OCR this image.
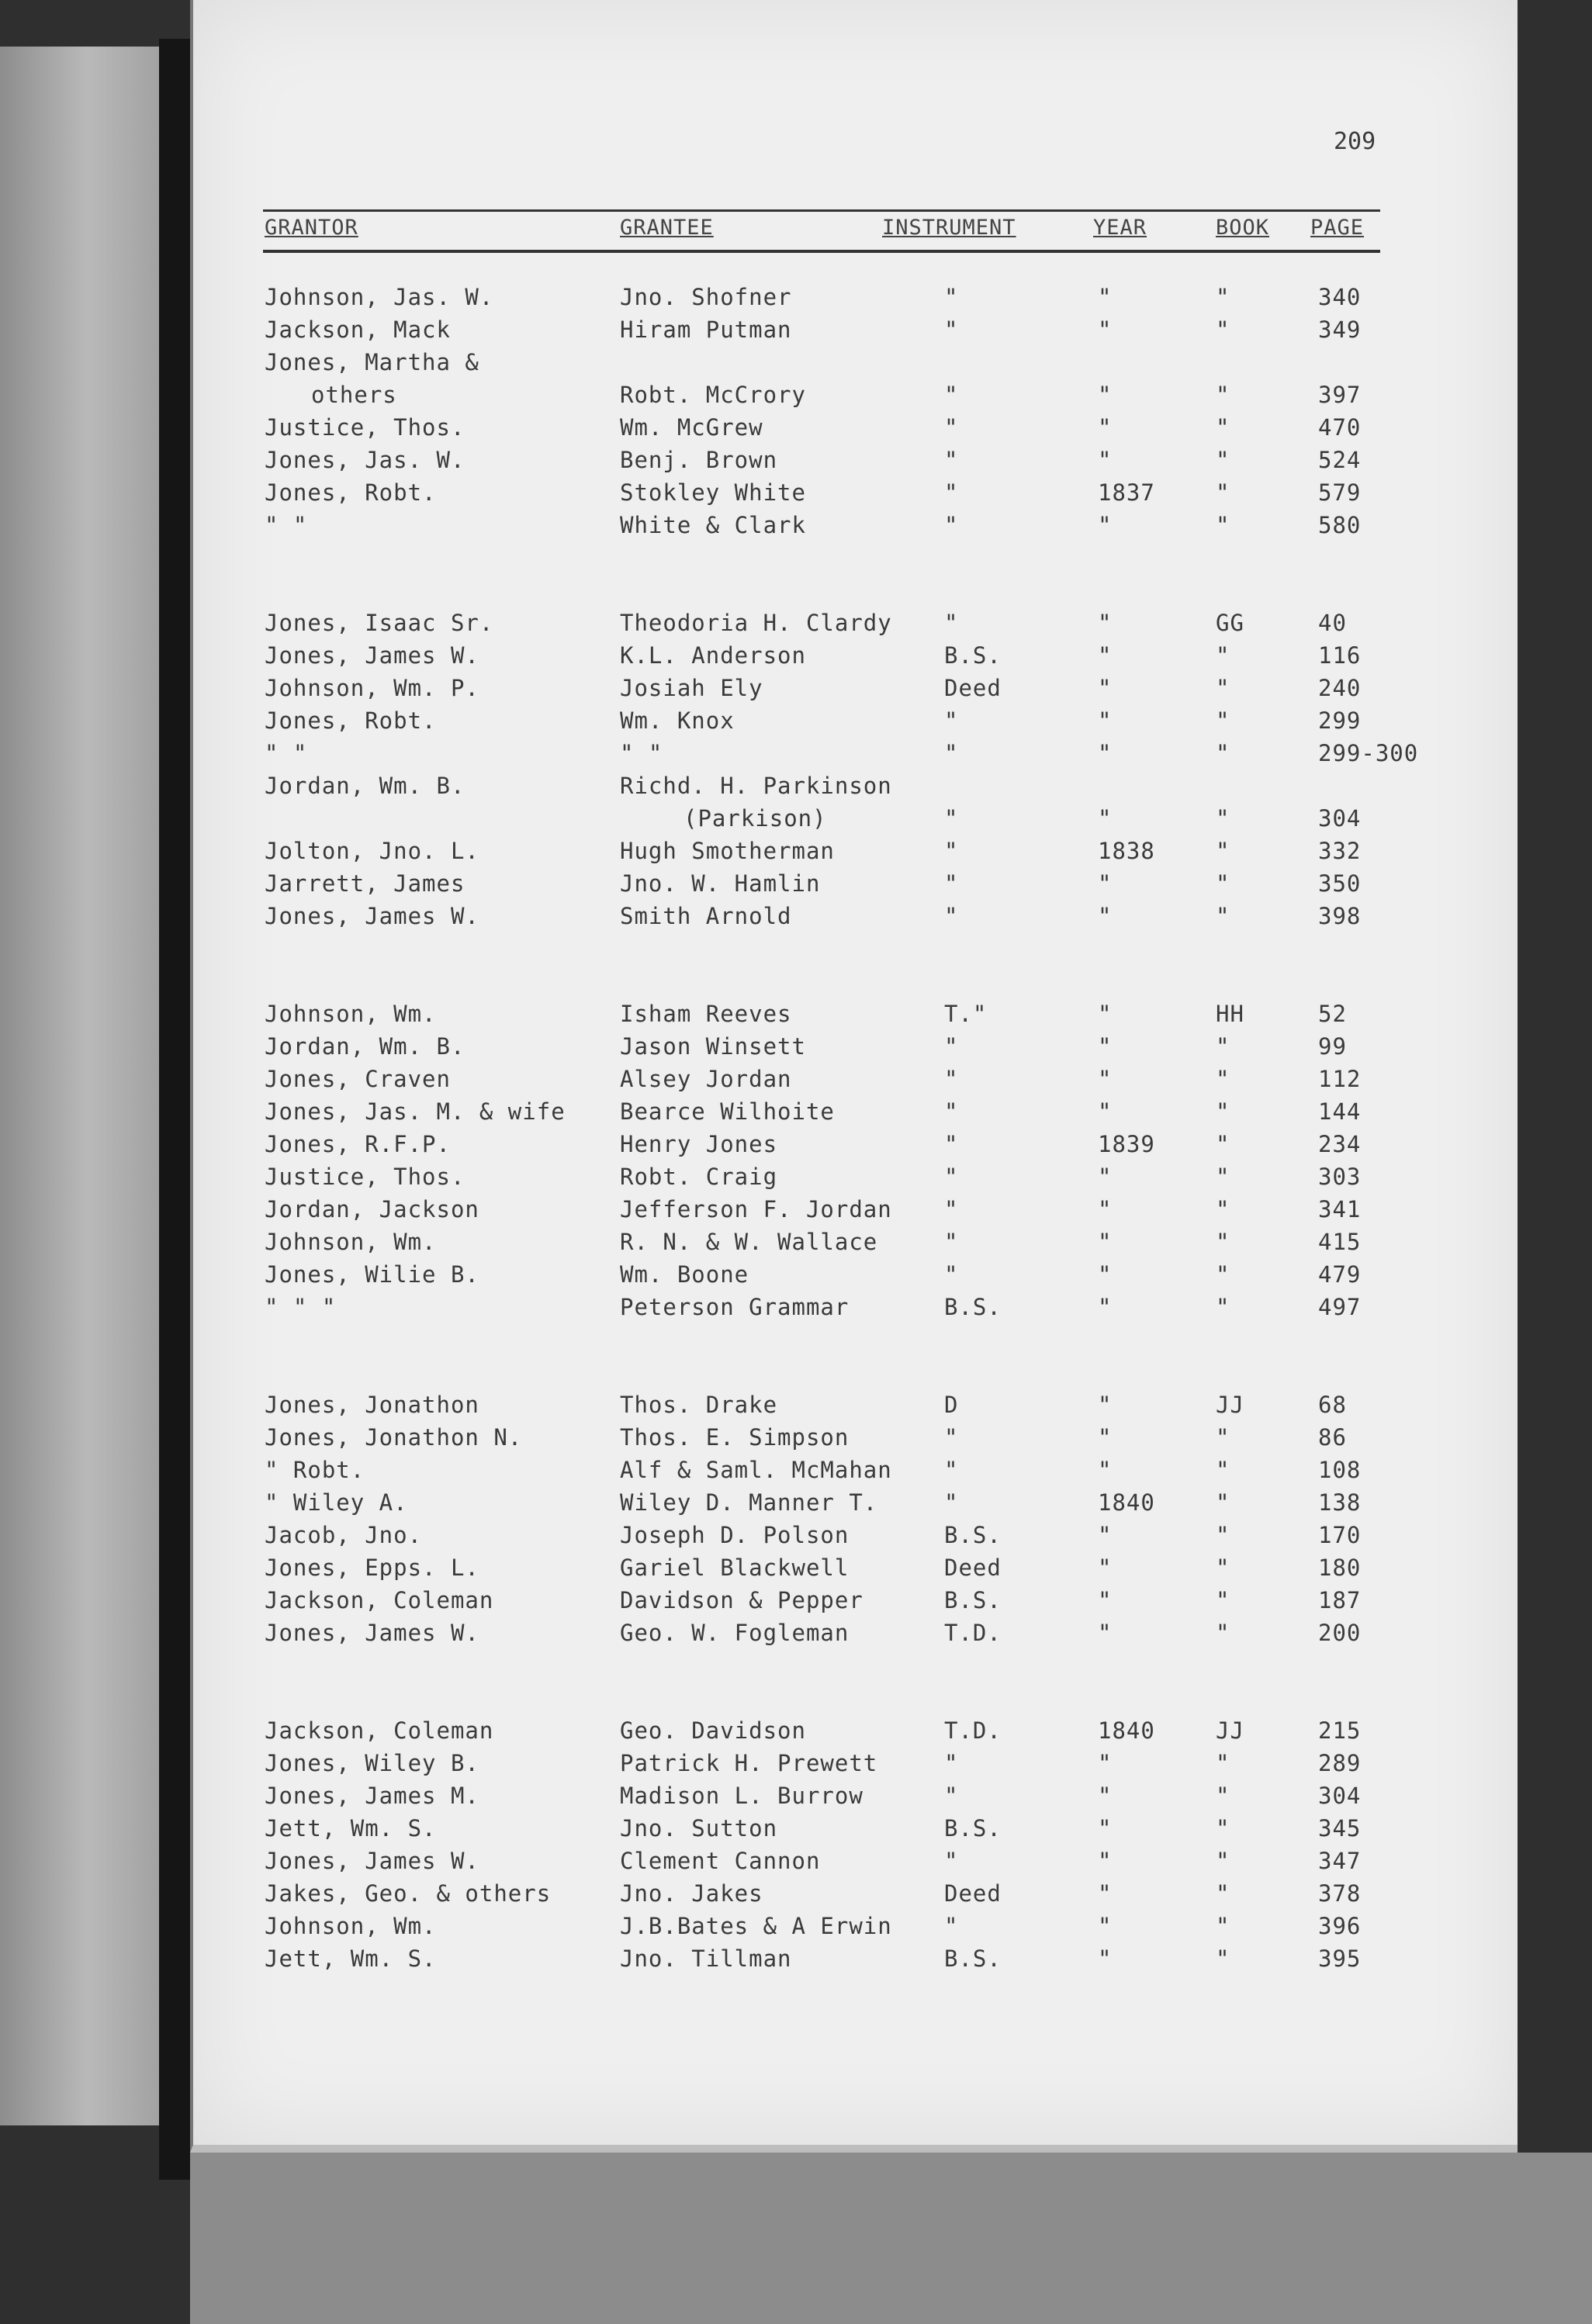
209
GRANTOR	GRANTEE	INSTRUMENT	YEAR	BOOK PAGE
Johnson, Jas. W.	Jno. Shofner	"	"	"	340
Jackson, Mack	Hiram Putman	"	"	"	349
Jones, Martha &
others	Robt. McCrory	"	"	"	397
Justice, Thos.	Wm. McGrew	"	"	"	470
Jones, Jas. W.	Benj. Brown	"	"	"	524
Jones, Robt.	Stokley White	"	1837	"	579
" "	White & Clark	"	"	"	580
Jones, Isaac Sr.	Theodoria H. Clardy "	"	GG	40
Jones, James W.	K.L. Anderson	B.S.	"	"	116
Johnson, Wm. P.	Josiah Ely	Deed	"	"	240
Jones, Robt.	Wm. Knox	"	"	"	299
" "	" "	"	"	"	299-300
Jordan, Wm. B.	Richd. H. Parkinson
(Parkison)	"	"	"	304
Jolton, Jno. L.	Hugh Smotherman	"	1838	"	332
Jarrett, James	Jno. W. Hamlin	"	"	"	350
Jones, James W.	Smith Arnold	"	"	"	398
Johnson, Wm.	Isham Reeves	T."	"	HH	52
Jordan, Wm. B.	Jason Winsett	"	"	"	99
Jones, Craven	Alsey Jordan	"	"	"	112
Jones, Jas. M. & wife Bearce Wilhoite	"	"	"	144
Jones, R.F.P.	Henry Jones	"	1839	"	234
Justice, Thos.	Robt. Craig	"	"	"	303
Jordan, Jackson	Jefferson F. Jordan "	"	"	341
Johnson, Wm.	R. N. & W. Wallace	"	"	"	415
Jones, Wilie B.	Wm. Boone	"	"	"	479
" " "	Peterson Grammar	B.S.	"	"	497
Jones, Jonathon	Thos. Drake	D	"	JJ	68
Jones, Jonathon N.	Thos. E. Simpson	"	"	"	86
" Robt.	Alf & Saml. McMahan "	"	"	108
" Wiley A.	Wiley D. Manner T.	"	1840	"	138
Jacob, Jno.	Joseph D. Polson	B.S.	"	"	170
Jones, Epps. L.	Gariel Blackwell	Deed	"	"	180
Jackson, Coleman	Davidson & Pepper	B.S.	"	"	187
Jones, James W.	Geo. W. Fogleman	T.D.	"	"	200
Jackson, Coleman	Geo. Davidson	T.D.	1840	JJ	215
Jones, Wiley B.	Patrick H. Prewett	"	"	"	289
Jones, James M.	Madison L. Burrow	"	"	"	304
Jett, Wm. S.	Jno. Sutton	B.S.	"	"	345
Jones, James W.	Clement Cannon	"	"	"	347
Jakes, Geo. & others	Jno. Jakes	Deed	"	"	378
Johnson, Wm.	J.B.Bates & A Erwin "	"	"	396
Jett, Wm. S.	Jno. Tillman	B.S.	"	"	395
